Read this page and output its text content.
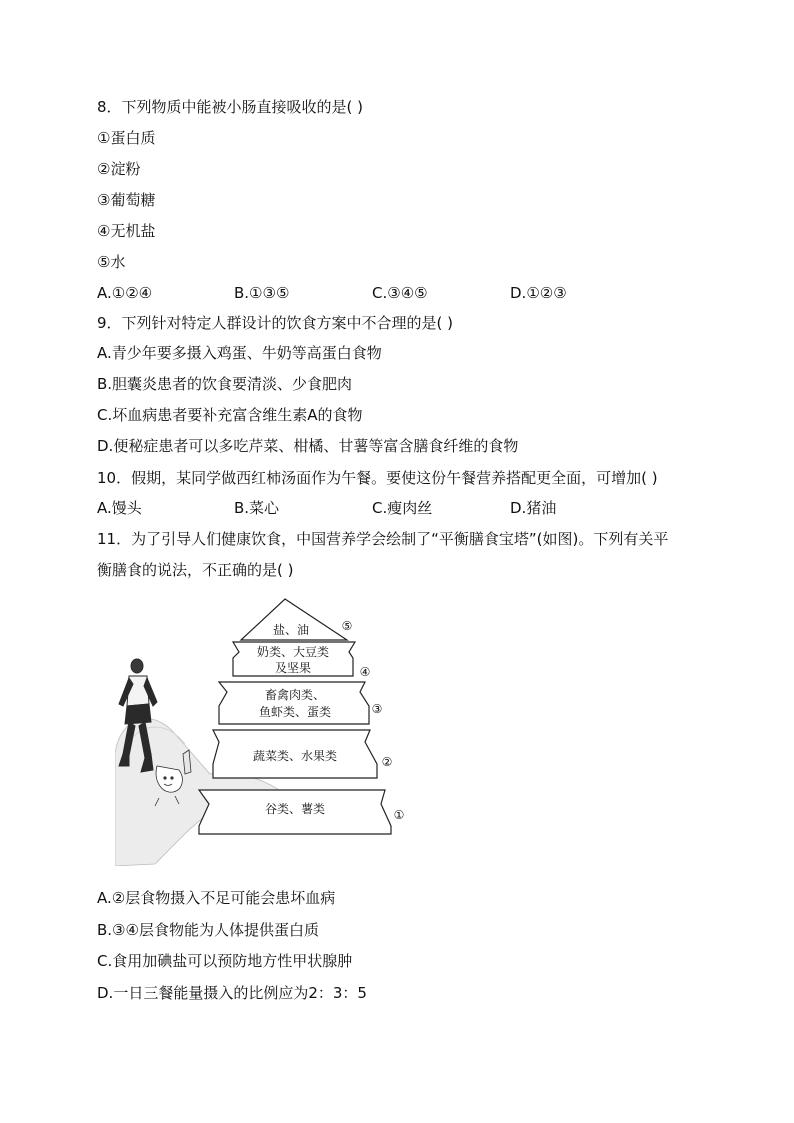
8．下列物质中能被小肠直接吸收的是( )
①蛋白质
②淀粉
③葡萄糖
④无机盐
⑤水
A.①②④	B.①③⑤	C.③④⑤	D.①②③
9．下列针对特定人群设计的饮食方案中不合理的是( )
A.青少年要多摄入鸡蛋、牛奶等高蛋白食物
B.胆囊炎患者的饮食要清淡、少食肥肉
C.坏血病患者要补充富含维生素A的食物
D.便秘症患者可以多吃芹菜、柑橘、甘薯等富含膳食纤维的食物
10．假期，某同学做西红柿汤面作为午餐。要使这份午餐营养搭配更全面，可增加( )
A.馒头	B.菜心	C.瘦肉丝	D.猪油
11．为了引导人们健康饮食，中国营养学会绘制了“平衡膳食宝塔”(如图)。下列有关平
衡膳食的说法，不正确的是( )
盐、油
奶类、大豆类
及坚果
畜禽肉类、
鱼虾类、蛋类
蔬菜类、水果类
谷类、薯类	①
②
③
④
⑤
A.②层食物摄入不足可能会患坏血病
B.③④层食物能为人体提供蛋白质
C.食用加碘盐可以预防地方性甲状腺肿
D.一日三餐能量摄入的比例应为2：3：5
